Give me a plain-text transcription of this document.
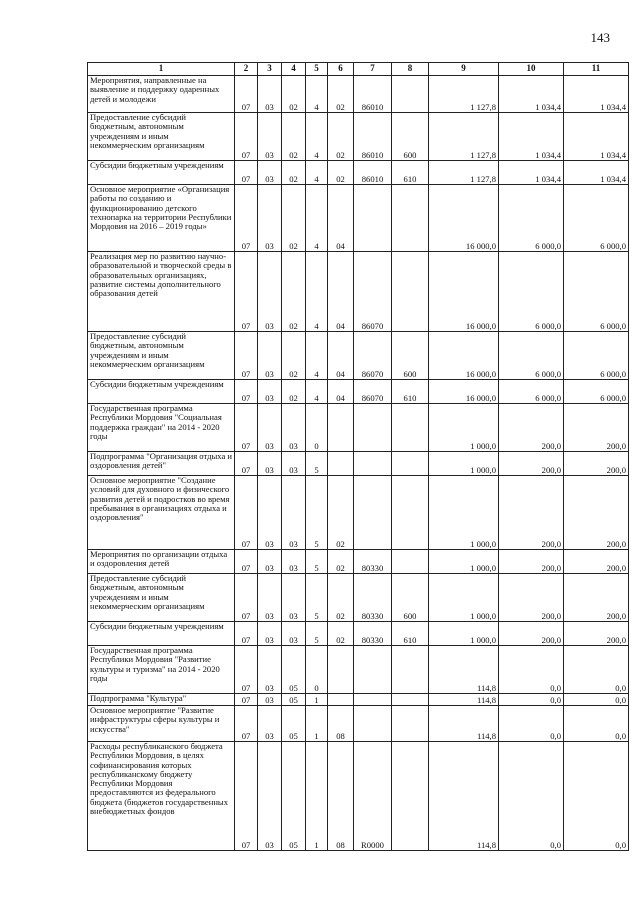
143
1	2	3	4	5	6	7	8	9	10	11
Мероприятия, направленные на выявление и поддержку одаренных детей и молодежи	07	03	02	4	02	86010		1 127,8	1 034,4	1 034,4
Предоставление субсидий бюджетным, автономным учреждениям и иным некоммерческим организациям	07	03	02	4	02	86010	600	1 127,8	1 034,4	1 034,4
Субсидии бюджетным учреждениям	07	03	02	4	02	86010	610	1 127,8	1 034,4	1 034,4
Основное мероприятие «Организация работы по созданию и функционированию детского технопарка на территории Республики Мордовия на 2016 – 2019 годы»	07	03	02	4	04			16 000,0	6 000,0	6 000,0
Реализация мер по развитию научно-образовательной и творческой среды в образовательных организациях, развитие системы дополнительного образования детей	07	03	02	4	04	86070		16 000,0	6 000,0	6 000,0
Предоставление субсидий бюджетным, автономным учреждениям и иным некоммерческим организациям	07	03	02	4	04	86070	600	16 000,0	6 000,0	6 000,0
Субсидии бюджетным учреждениям	07	03	02	4	04	86070	610	16 000,0	6 000,0	6 000,0
Государственная программа Республики Мордовия "Социальная поддержка граждан" на 2014 - 2020 годы	07	03	03	0				1 000,0	200,0	200,0
Подпрограмма "Организация отдыха и оздоровления детей"	07	03	03	5				1 000,0	200,0	200,0
Основное мероприятие "Создание условий для духовного и физического развития детей и подростков во время пребывания в организациях отдыха и оздоровления"	07	03	03	5	02			1 000,0	200,0	200,0
Мероприятия по организации отдыха и оздоровления детей	07	03	03	5	02	80330		1 000,0	200,0	200,0
Предоставление субсидий бюджетным, автономным учреждениям и иным некоммерческим организациям	07	03	03	5	02	80330	600	1 000,0	200,0	200,0
Субсидии бюджетным учреждениям	07	03	03	5	02	80330	610	1 000,0	200,0	200,0
Государственная программа Республики Мордовия "Развитие культуры и туризма" на 2014 - 2020 годы	07	03	05	0				114,8	0,0	0,0
Подпрограмма "Культура"	07	03	05	1				114,8	0,0	0,0
Основное мероприятие "Развитие инфраструктуры сферы культуры и искусства"	07	03	05	1	08			114,8	0,0	0,0
Расходы республиканского бюджета Республики Мордовия, в целях софинансирования которых республиканскому бюджету Республики Мордовия предоставляются из федерального бюджета (бюджетов государственных внебюджетных фондов	07	03	05	1	08	R0000		114,8	0,0	0,0
